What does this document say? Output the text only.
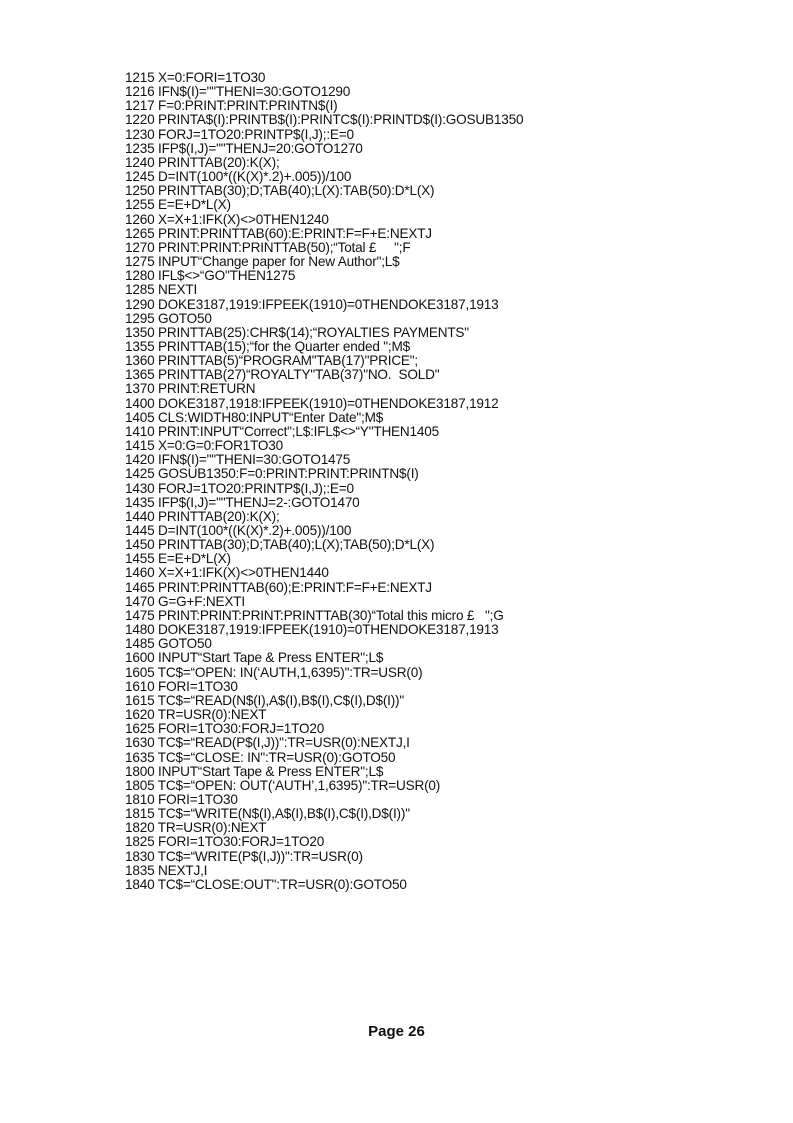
1215 X=0:FORI=1TO30
1216 IFN$(I)=""THENI=30:GOTO1290
1217 F=0:PRINT:PRINT:PRINTN$(I)
1220 PRINTA$(I):PRINTB$(I):PRINTC$(I):PRINTD$(I):GOSUB1350
1230 FORJ=1TO20:PRINTP$(I,J);:E=0
1235 IFP$(I,J)=""THENJ=20:GOTO1270
1240 PRINTTAB(20):K(X);
1245 D=INT(100*((K(X)*.2)+.005))/100
1250 PRINTTAB(30);D;TAB(40);L(X):TAB(50):D*L(X)
1255 E=E+D*L(X)
1260 X=X+1:IFK(X)<>0THEN1240
1265 PRINT:PRINTTAB(60):E:PRINT:F=F+E:NEXTJ
1270 PRINT:PRINT:PRINTTAB(50);“Total £     ";F
1275 INPUT“Change paper for New Author";L$
1280 IFL$<>“GO"THEN1275
1285 NEXTI
1290 DOKE3187,1919:IFPEEK(1910)=0THENDOKE3187,1913
1295 GOTO50
1350 PRINTTAB(25):CHR$(14);“ROYALTIES PAYMENTS"
1355 PRINTTAB(15);“for the Quarter ended ";M$
1360 PRINTTAB(5)“PROGRAM"TAB(17)"PRICE";
1365 PRINTTAB(27)“ROYALTY"TAB(37)"NO.  SOLD"
1370 PRINT:RETURN
1400 DOKE3187,1918:IFPEEK(1910)=0THENDOKE3187,1912
1405 CLS:WIDTH80:INPUT“Enter Date";M$
1410 PRINT:INPUT“Correct";L$:IFL$<>“Y"THEN1405
1415 X=0:G=0:FOR1TO30
1420 IFN$(I)=""THENI=30:GOTO1475
1425 GOSUB1350:F=0:PRINT:PRINT:PRINTN$(I)
1430 FORJ=1TO20:PRINTP$(I,J);:E=0
1435 IFP$(I,J)=""THENJ=2-:GOTO1470
1440 PRINTTAB(20):K(X);
1445 D=INT(100*((K(X)*.2)+.005))/100
1450 PRINTTAB(30);D;TAB(40);L(X);TAB(50);D*L(X)
1455 E=E+D*L(X)
1460 X=X+1:IFK(X)<>0THEN1440
1465 PRINT:PRINTTAB(60);E:PRINT:F=F+E:NEXTJ
1470 G=G+F:NEXTI
1475 PRINT:PRINT:PRINT:PRINTTAB(30)“Total this micro £   ";G
1480 DOKE3187,1919:IFPEEK(1910)=0THENDOKE3187,1913
1485 GOTO50
1600 INPUT“Start Tape & Press ENTER";L$
1605 TC$=“OPEN: IN(‘AUTH,1,6395)":TR=USR(0)
1610 FORI=1TO30
1615 TC$=“READ(N$(I),A$(I),B$(I),C$(I),D$(I))"
1620 TR=USR(0):NEXT
1625 FORI=1TO30:FORJ=1TO20
1630 TC$=“READ(P$(I,J))":TR=USR(0):NEXTJ,I
1635 TC$=“CLOSE: IN":TR=USR(0):GOTO50
1800 INPUT“Start Tape & Press ENTER";L$
1805 TC$=“OPEN: OUT(‘AUTH’,1,6395)":TR=USR(0)
1810 FORI=1TO30
1815 TC$=“WRITE(N$(I),A$(I),B$(I),C$(I),D$(I))"
1820 TR=USR(0):NEXT
1825 FORI=1TO30:FORJ=1TO20
1830 TC$=“WRITE(P$(I,J))":TR=USR(0)
1835 NEXTJ,I
1840 TC$=“CLOSE:OUT":TR=USR(0):GOTO50
Page 26
